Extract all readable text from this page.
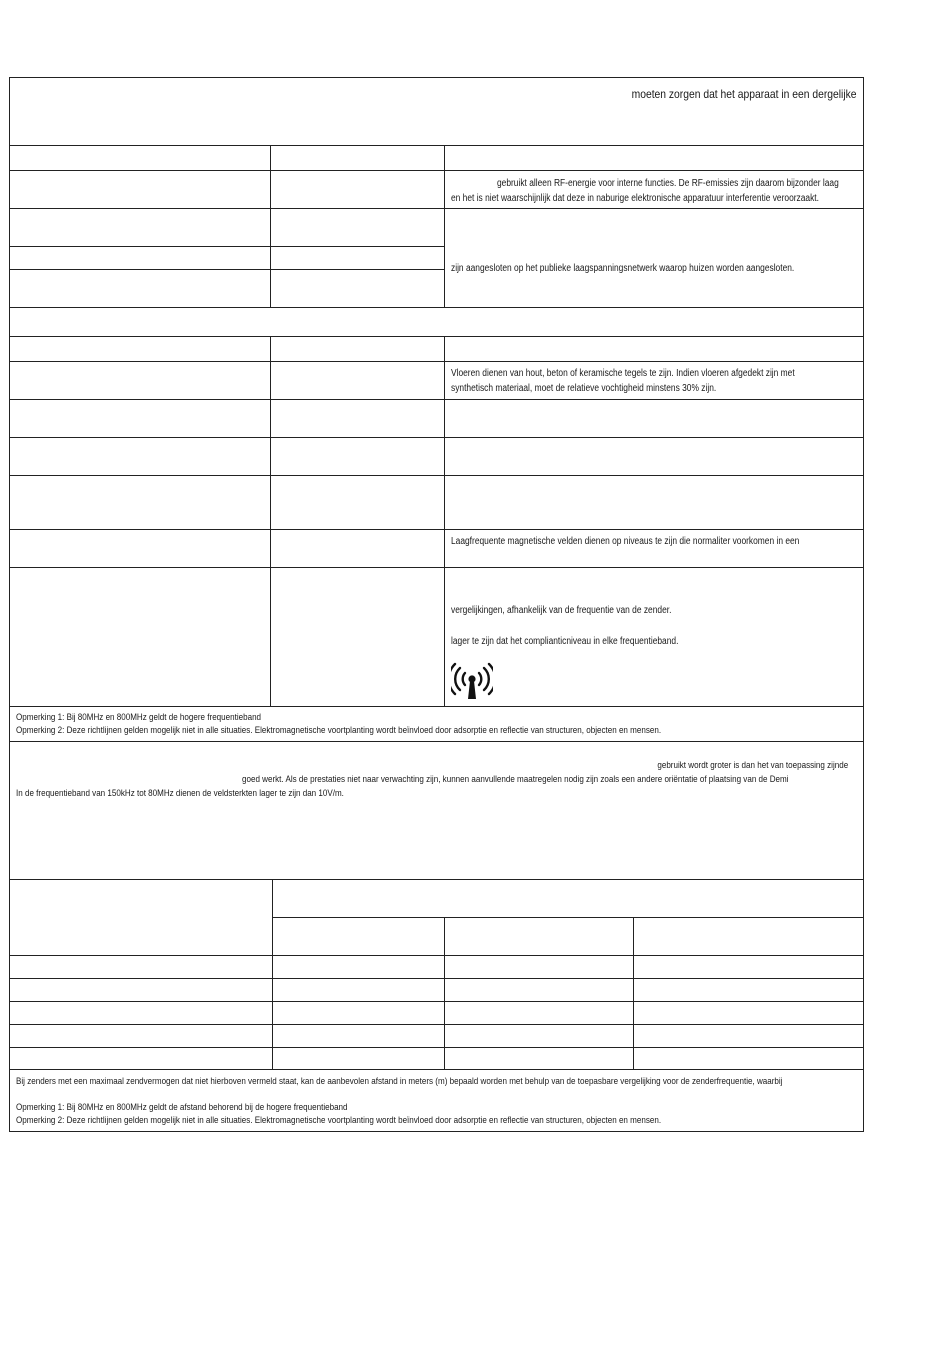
moeten zorgen dat het apparaat in een dergelijke
gebruikt alleen RF-energie voor interne functies. De RF-emissies zijn daarom bijzonder laag
en het is niet waarschijnlijk dat deze in naburige elektronische apparatuur interferentie veroorzaakt.
zijn aangesloten op het publieke laagspanningsnetwerk waarop huizen worden aangesloten.
Vloeren dienen van hout, beton of keramische tegels te zijn. Indien vloeren afgedekt zijn met
synthetisch materiaal, moet de relatieve vochtigheid minstens 30% zijn.
Laagfrequente magnetische velden dienen op niveaus te zijn die normaliter voorkomen in een
vergelijkingen, afhankelijk van de frequentie van de zender.
lager te zijn dat het complianticniveau in elke frequentieband.
Opmerking 1: Bij 80MHz en 800MHz geldt de hogere frequentieband
Opmerking 2: Deze richtlijnen gelden mogelijk niet in alle situaties. Elektromagnetische voortplanting wordt beïnvloed door adsorptie en reflectie van structuren, objecten en mensen.
gebruikt wordt groter is dan het van toepassing zijnde
goed werkt. Als de prestaties niet naar verwachting zijn, kunnen aanvullende maatregelen nodig zijn zoals een andere oriëntatie of plaatsing van de Demi
In de frequentieband van 150kHz tot 80MHz dienen de veldsterkten lager te zijn dan 10V/m.
Bij zenders met een maximaal zendvermogen dat niet hierboven vermeld staat, kan de aanbevolen afstand in meters (m) bepaald worden met behulp van de toepasbare vergelijking voor de zenderfrequentie, waarbij
Opmerking 1: Bij 80MHz en 800MHz geldt de afstand behorend bij de hogere frequentieband
Opmerking 2: Deze richtlijnen gelden mogelijk niet in alle situaties. Elektromagnetische voortplanting wordt beïnvloed door adsorptie en reflectie van structuren, objecten en mensen.
